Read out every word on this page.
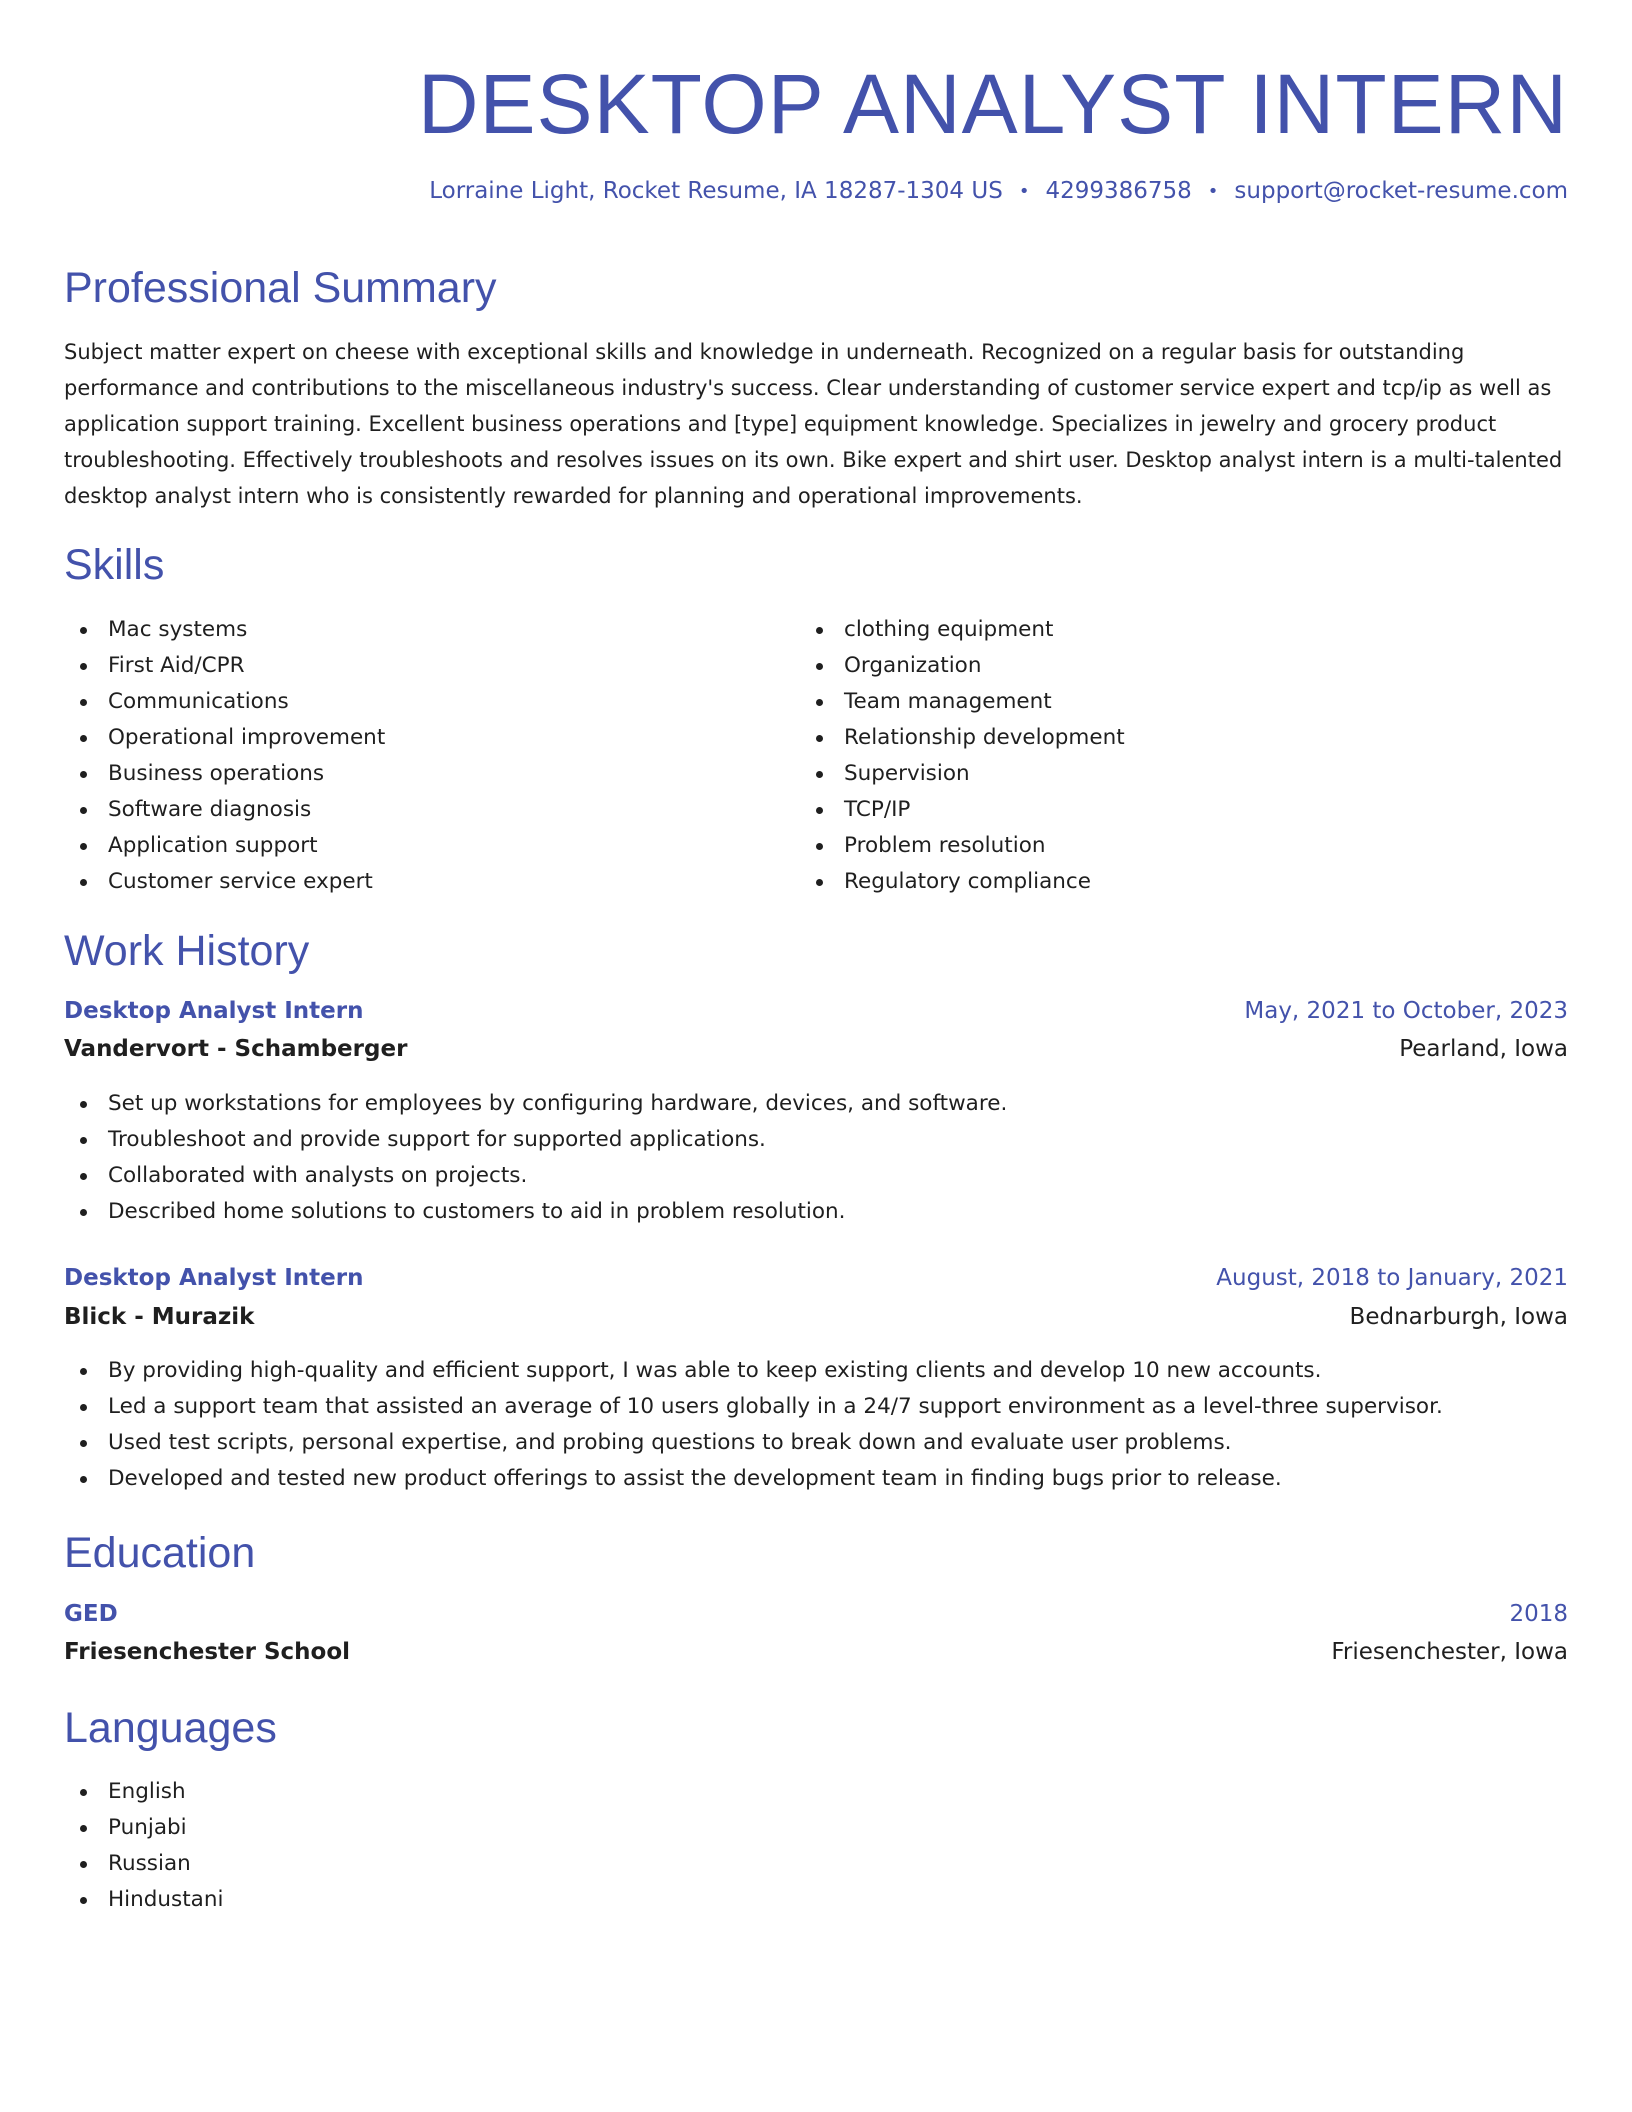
DESKTOP ANALYST INTERN
Lorraine Light, Rocket Resume, IA 18287-1304 US • 4299386758 • support@rocket-resume.com
Professional Summary

Subject matter expert on cheese with exceptional skills and knowledge in underneath. Recognized on a regular basis for outstanding performance and contributions to the miscellaneous industry's success. Clear understanding of customer service expert and tcp/ip as well as application support training. Excellent business operations and [type] equipment knowledge. Specializes in jewelry and grocery product troubleshooting. Effectively troubleshoots and resolves issues on its own. Bike expert and shirt user. Desktop analyst intern is a multi-talented desktop analyst intern who is consistently rewarded for planning and operational improvements.

Skills
Mac systems
First Aid/CPR
Communications
Operational improvement
Business operations
Software diagnosis
Application support
Customer service expert
clothing equipment
Organization
Team management
Relationship development
Supervision
TCP/IP
Problem resolution
Regulatory compliance
Work History
Desktop Analyst Intern	May, 2021 to October, 2023
Vandervort - Schamberger	Pearland, Iowa
Set up workstations for employees by configuring hardware, devices, and software.
Troubleshoot and provide support for supported applications.
Collaborated with analysts on projects.
Described home solutions to customers to aid in problem resolution.
Desktop Analyst Intern	August, 2018 to January, 2021
Blick - Murazik	Bednarburgh, Iowa
By providing high-quality and efficient support, I was able to keep existing clients and develop 10 new accounts.
Led a support team that assisted an average of 10 users globally in a 24/7 support environment as a level-three supervisor.
Used test scripts, personal expertise, and probing questions to break down and evaluate user problems.
Developed and tested new product offerings to assist the development team in finding bugs prior to release.
Education
GED	2018
Friesenchester School	Friesenchester, Iowa
Languages
English
Punjabi
Russian
Hindustani
